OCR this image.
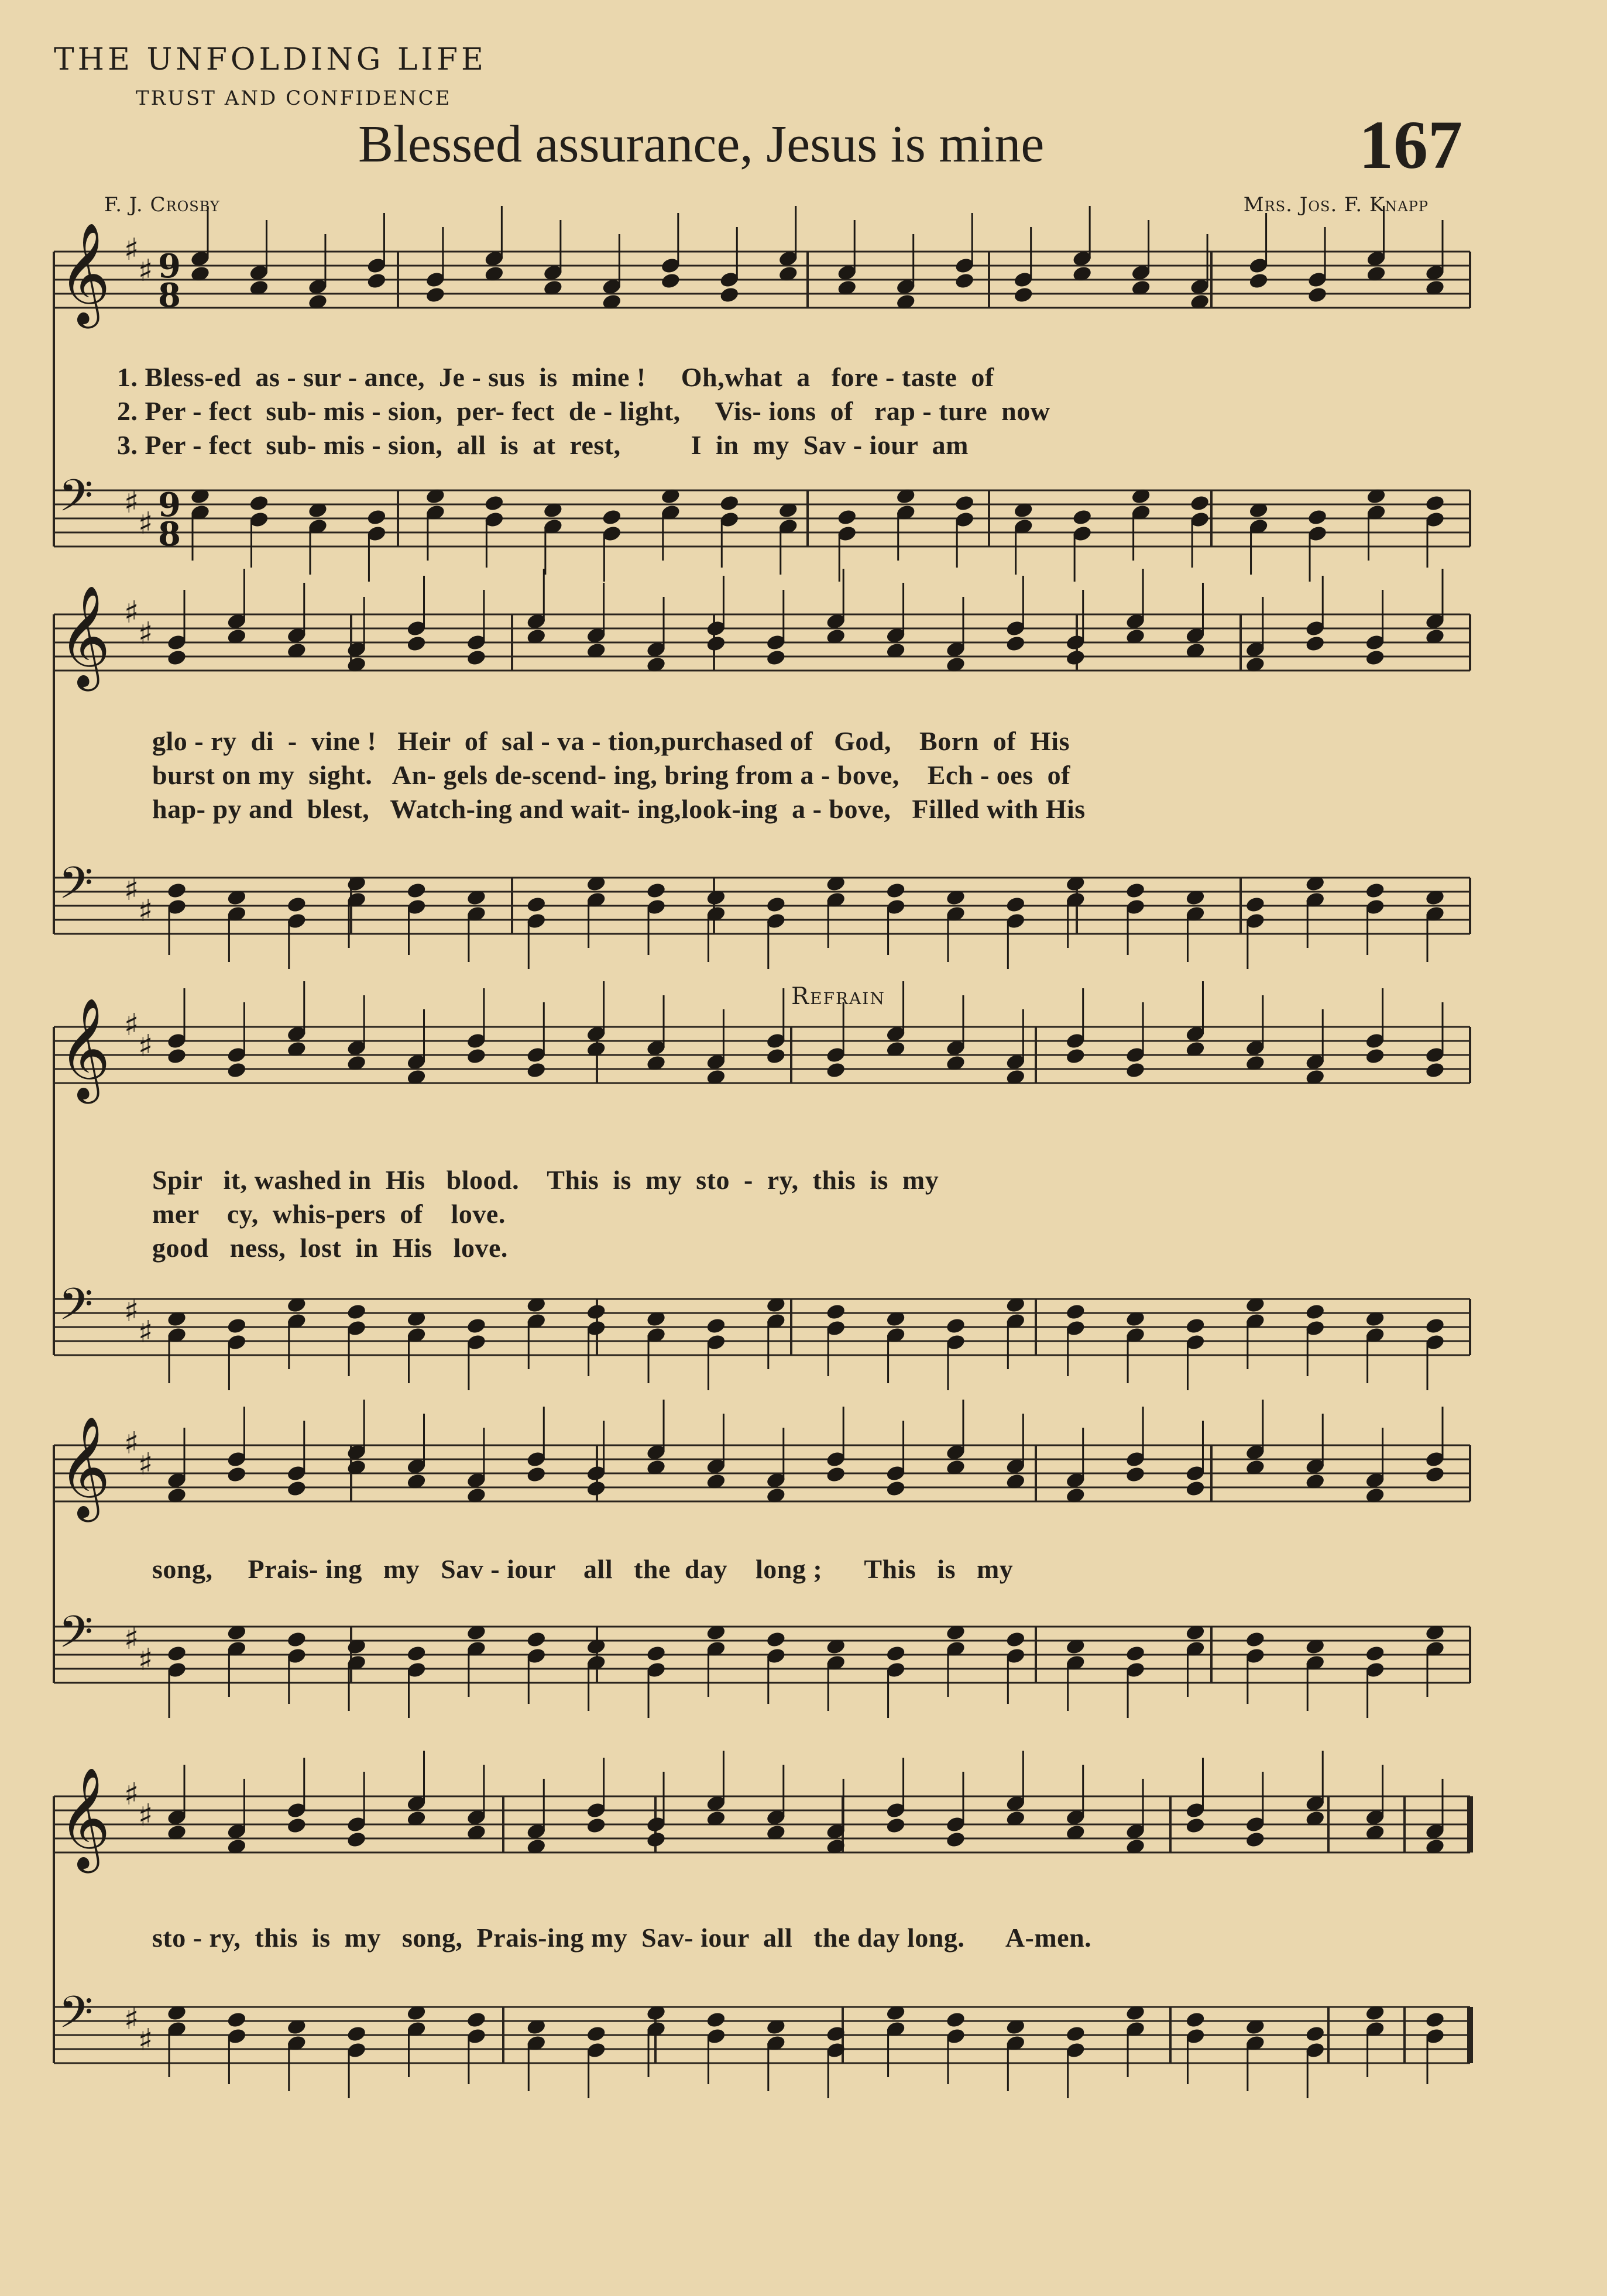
THE UNFOLDING LIFE
TRUST AND CONFIDENCE
Blessed assurance, Jesus is mine	167
F. J. Crosby	Mrs. Jos. F. Knapp
Refrain
𝄞 ♯
♯
𝄢 ♯
♯
9
8
9
8
𝄞 ♯
♯
𝄢 ♯
♯
𝄞 ♯
♯
𝄢 ♯
♯
𝄞 ♯
♯
𝄢 ♯
♯
𝄞 ♯
♯
𝄢 ♯
♯
1. Bless-ed  as - sur - ance,  Je - sus  is  mine !     Oh,what  a   fore - taste  of
2. Per - fect  sub- mis - sion,  per- fect  de - light,     Vis- ions  of   rap - ture  now
3. Per - fect  sub- mis - sion,  all  is  at  rest,          I  in  my  Sav - iour  am
glo - ry  di  -  vine !   Heir  of  sal - va - tion,purchased of   God,    Born  of  His
burst on my  sight.   An- gels de-scend- ing, bring from a - bove,    Ech - oes  of
hap- py and  blest,   Watch-ing and wait- ing,look-ing  a - bove,   Filled with His
Spir   it, washed in  His   blood.    This  is  my  sto  -  ry,  this  is  my
mer    cy,  whis-pers  of    love.
good   ness,  lost  in  His   love.
song,     Prais- ing   my   Sav - iour    all   the  day    long ;      This   is   my
sto - ry,  this  is  my   song,  Prais-ing my  Sav- iour  all   the day long.      A-men.
